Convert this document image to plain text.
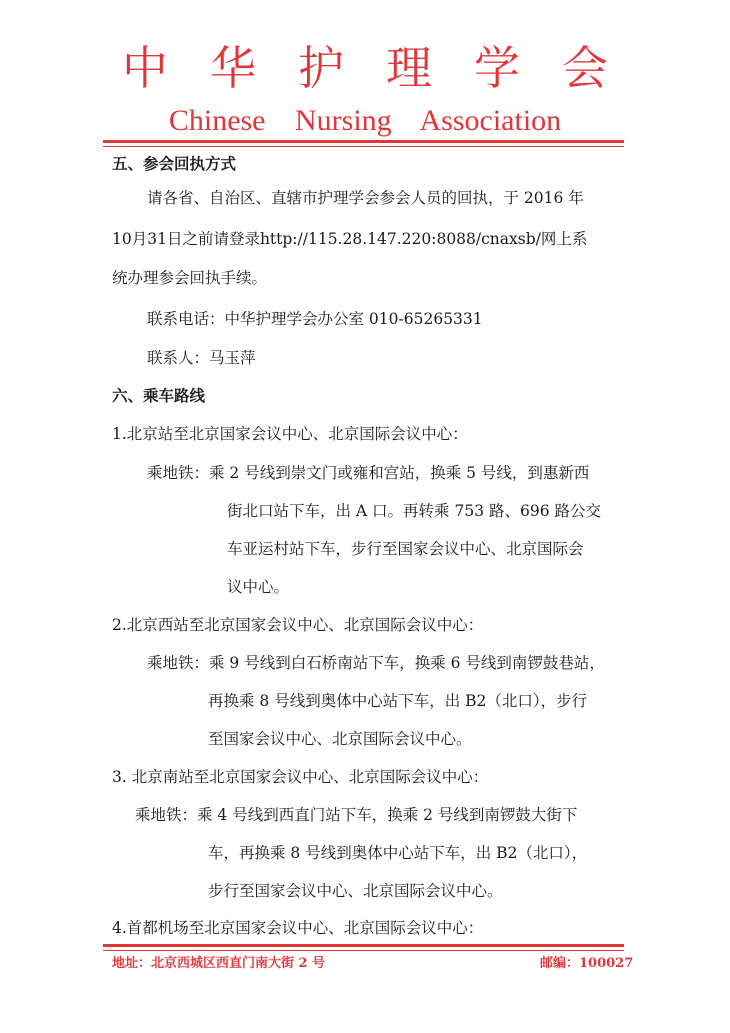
中华护理学会
Chinese Nursing Association
五、参会回执方式
请各省、自治区、直辖市护理学会参会人员的回执，于 2016 年
10月31日之前请登录http://115.28.147.220:8088/cnaxsb/网上系
统办理参会回执手续。
联系电话：中华护理学会办公室 010-65265331
联系人：马玉萍
六、乘车路线
1.北京站至北京国家会议中心、北京国际会议中心：
乘地铁：乘 2 号线到崇文门或雍和宫站，换乘 5 号线，到惠新西
街北口站下车，出 A 口。再转乘 753 路、696 路公交
车亚运村站下车，步行至国家会议中心、北京国际会
议中心。
2.北京西站至北京国家会议中心、北京国际会议中心：
乘地铁：乘 9 号线到白石桥南站下车，换乘 6 号线到南锣鼓巷站，
再换乘 8 号线到奥体中心站下车，出 B2（北口），步行
至国家会议中心、北京国际会议中心。
3. 北京南站至北京国家会议中心、北京国际会议中心：
乘地铁：乘 4 号线到西直门站下车，换乘 2 号线到南锣鼓大街下
车，再换乘 8 号线到奥体中心站下车，出 B2（北口），
步行至国家会议中心、北京国际会议中心。
4.首都机场至北京国家会议中心、北京国际会议中心：
地址：北京西城区西直门南大街 2 号	邮编：100027
